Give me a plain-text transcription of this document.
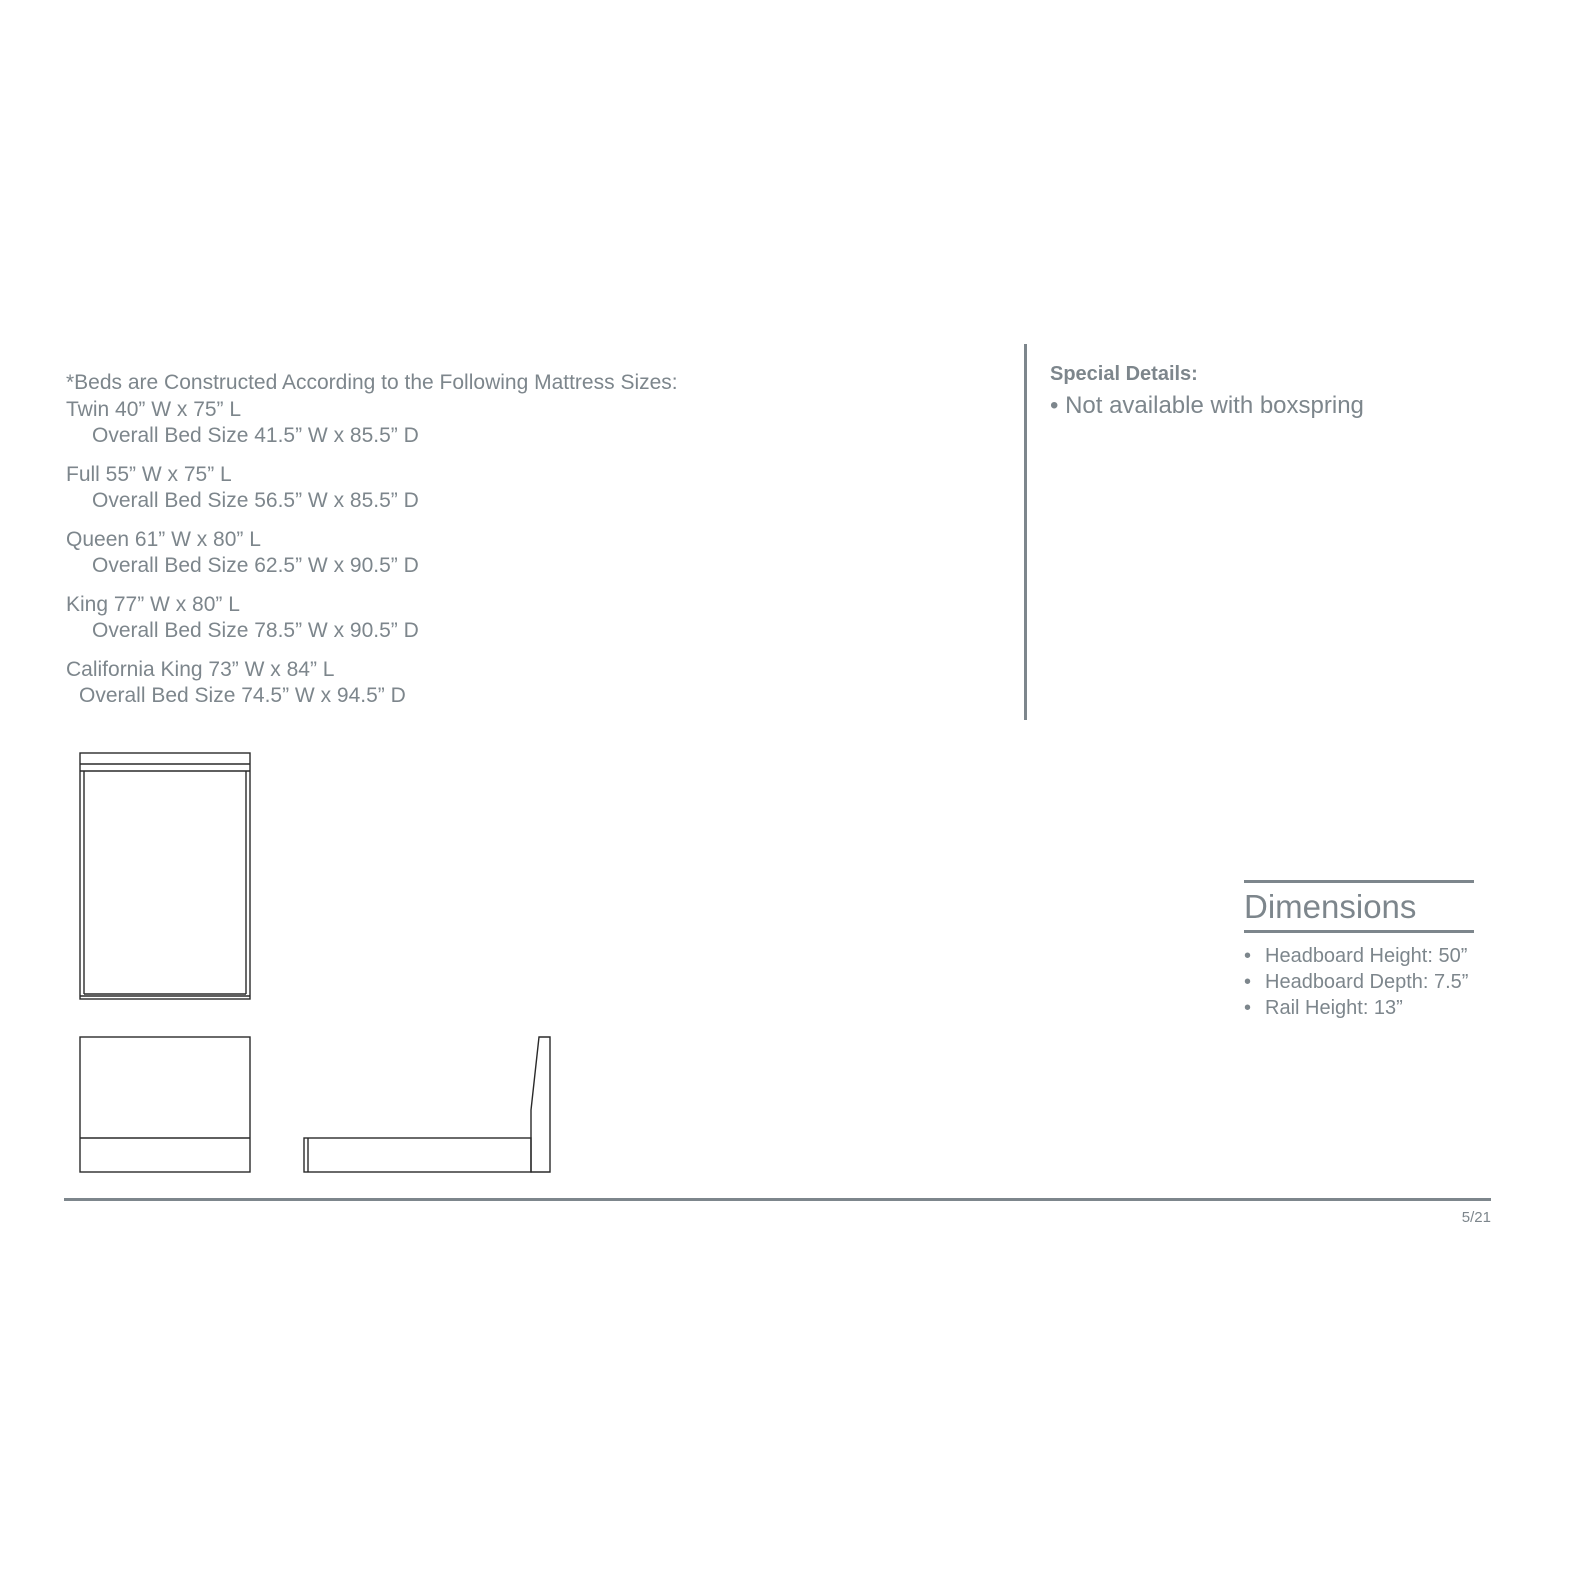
*Beds are Constructed According to the Following Mattress Sizes:

Twin 40” W x 75” L
Overall Bed Size 41.5” W x 85.5” D
Full 55” W x 75” L
Overall Bed Size 56.5” W x 85.5” D
Queen 61” W x 80” L
Overall Bed Size 62.5” W x 90.5” D
King 77” W x 80” L
Overall Bed Size 78.5” W x 90.5” D
California King 73” W x 84” L
Overall Bed Size 74.5” W x 94.5” D

Special Details:

• Not available with boxspring

Dimensions
• Headboard Height: 50”
• Headboard Depth: 7.5”
• Rail Height: 13”
5/21
